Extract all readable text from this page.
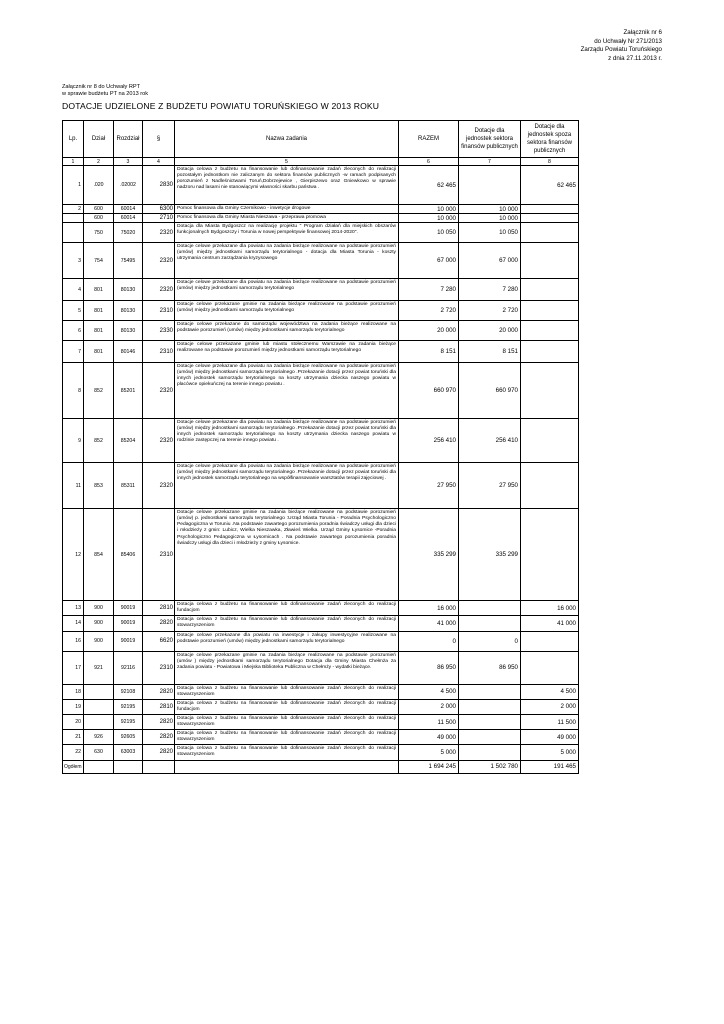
Załącznik nr 6
do Uchwały Nr 271/2013
Zarządu Powiatu Toruńskiego
z dnia 27.11.2013 r.
Załącznik nr 8 do Uchwały RPT
w sprawie budżetu PT na 2013 rok
DOTACJE UDZIELONE Z BUDŻETU POWIATU TORUŃSKIEGO W 2013 ROKU
Lp.	Dział	Rozdział	§	Nazwa zadania	RAZEM	Dotacje dla jednostek sektora finansów publicznych	Dotacje dla jednostek spoza sektora finansów publicznych
1	2	3	4	5	6	7	8
1	.020	.02002	2830	Dotacja celowa z budżetu na finansowanie lub dofinansowanie zadań zleconych do realizacji pozostałym jednostkom nie zaliczanym do sektora finansów publicznych -w ramach podpisanych porozumień z Nadleśnictwami Toruń,Dobrzejewice , Gierpiszewo oraz Gniewkowo w sprawie nadzoru nad lasami nie stanowiącymi własności skarbu państwa .	62 465		62 465
2	600	60014	6300	Pomoc finansowa dla Gminy Czernikowo - inwetycje drogowe	10 000	10 000	
	600	60014	2710	Pomoc finansowa dla Gminy Miasta Nieszawa - przeprawa promowa	10 000	10 000	
	750	75020	2320	Dotacja dla Miasta Bydgoszcz na realizację projektu " Program działań dla miejskich obszarów funkcjonalnych Bydgoszczy i Torunia w nowej perspektywie finansowej 2014-2020".	10 050	10 050	
3	754	75495	2320	Dotacje celowe przekazane dla powiatu na zadania bieżące realizowane na podstawie porozumień (umów) między jednostkami samorządu terytorialnego - dotacja dla Miasta Torunia - koszty utrzymania centrum zarządzania kryzysowego	67 000	67 000	
4	801	80130	2320	Dotacje celowe przekazane dla powiatu na zadania bieżące realizowane na podstawie porozumień (umów) między jednostkami samorządu terytorialnego	7 280	7 280	
5	801	80130	2310	Dotacje celowe przekazane gminie na zadania bieżące realizowane na podstawie porozumień (umów) między jednostkami samorządu terytorialnego	2 720	2 720	
6	801	80130	2330	Dotacje celowe przekazane do samorządu województwa na zadania bieżące realizowane na podstawie porozumień (umów) między jednostkami samorządu terytorialnego	20 000	20 000	
7	801	80146	2310	Dotacje celowe przekazane gminie lub miastu stołecznemu Warszawie na zadania bieżące realizowane na podstawie porozumień między jednostkami samorządu terytorialnego	8 151	8 151	
8	852	85201	2320	Dotacje celowe przekazane dla powiatu na zadania bieżące realizowane na podstawie porozumień (umów) między jednostkami samorządu terytorialnego .Przekazanie dotacji przez powiat toruński dla innych jednostek samorządu terytorialnego na koszty utrzymania dziecka naszego powiatu w placówce opiekuńczej na terenie innego powiatu .	660 970	660 970	
9	852	85204	2320	Dotacje celowe przekazane dla powiatu na zadania bieżące realizowane na podstawie porozumień (umów) między jednostkami samorządu terytorialnego .Przekazanie dotacji przez powiat toruński dla innych jednostek samorządu terytorialnego na koszty utrzymania dziecka naszego powiatu w rodzinie zastępczej na terenie innego powiatu .	256 410	256 410	
11	853	85311	2320	Dotacje celowe przekazane dla powiatu na zadania bieżące realizowane na podstawie porozumień (umów) między jednostkami samorządu terytorialnego .Przekazanie dotacji przez powiat toruński dla innych jednostek samorządu terytorialnego na współfinansowanie warsztatów terapii zajęciowej .	27 950	27 950	
12	854	85406	2310	Dotacje celowe przekazane gminie na zadania bieżące realizowane na podstawie porozumień (umów) p. jednostkami samorządu terytorialnego :Urząd Miasta Torunia - Poradnia Psychologiczno Pedagogiczna w Toruniu .Na podstawie zawartego porozumienia poradnia świadczy usługi dla dzieci i młodzieży z gmin: Lubicz, Wielka Nieszawka, Zławieś Wielka. Urząd Gminy Łysomice -Poradnia Psychologiczno Pedagogiczna w Łysomicach . Na podstawie zawartego porozumienia poradnia świadczy usługi dla dzieci i młodzieży z gminy Łysomice.	335 299	335 299	
13	900	90019	2810	Dotacja celowa z budżetu na finansowanie lub dofinansowanie zadań zleconych do realizacji fundacjom	16 000		16 000
14	900	90019	2820	Dotacja celowa z budżetu na finansowanie lub dofinansowanie zadań zleconych do realizacji stowarzyszeniom	41 000		41 000
16	900	90019	6620	Dotacje celowe przekazane dla powiatu na inwestycje i zakupy inwestycyjne realizowane na podstawie porozumień (umów) między jednostkami samorządu terytorialnego	0	0	
17	921	92116	2310	Dotacje celowe przekazane gminie na zadania bieżące realizowane na podstawie porozumień (umów ) między jednostkami samorządu terytorialnego Dotacja dla Gminy Miasta Chełmża za zadania powiatu - Powiatowa i Miejska Biblioteka Publiczna w Chełmży - wydatki bieżące.	86 950	86 950	
18		92108	2820	Dotacja celowa z budżetu na finansowanie lub dofinansowanie zadań zleconych do realizacji stowarzyszeniom	4 500		4 500
19		92195	2810	Dotacja celowa z budżetu na finansowanie lub dofinansowanie zadań zleconych do realizacji fundacjom	2 000		2 000
20		92195	2820	Dotacja celowa z budżetu na finansowanie lub dofinansowanie zadań zleconych do realizacji stowarzyszeniom	11 500		11 500
21	926	92605	2820	Dotacja celowa z budżetu na finansowanie lub dofinansowanie zadań zleconych do realizacji stowarzyszeniom	49 000		49 000
22	630	63003	2820	Dotacja celowa z budżetu na finansowanie lub dofinansowanie zadań zleconych do realizacji stowarzyszeniom	5 000		5 000
Ogółem					1 694 245	1 502 780	191 465
